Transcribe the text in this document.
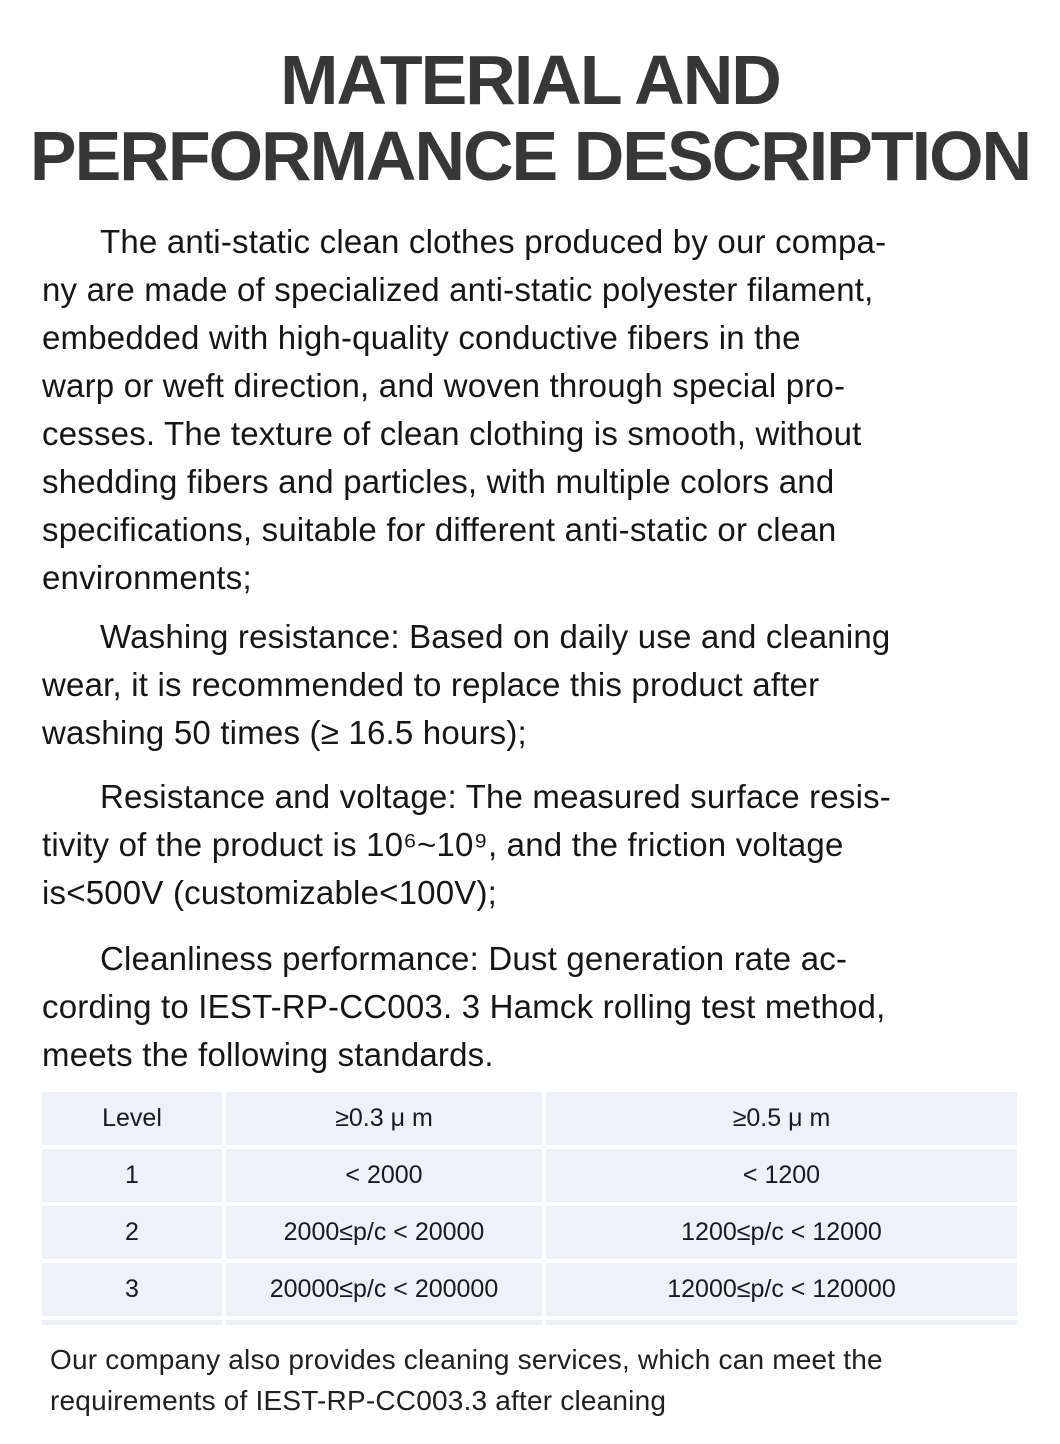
MATERIAL AND
PERFORMANCE DESCRIPTION
The anti-static clean clothes produced by our compa-
ny are made of specialized anti-static polyester filament,
embedded with high-quality conductive fibers in the
warp or weft direction, and woven through special pro-
cesses. The texture of clean clothing is smooth, without
shedding fibers and particles, with multiple colors and
specifications, suitable for different anti-static or clean
environments;
Washing resistance: Based on daily use and cleaning
wear, it is recommended to replace this product after
washing 50 times (≥ 16.5 hours);
Resistance and voltage: The measured surface resis-
tivity of the product is 10⁶~10⁹, and the friction voltage
is<500V (customizable<100V);
Cleanliness performance: Dust generation rate ac-
cording to IEST-RP-CC003. 3 Hamck rolling test method,
meets the following standards.
Level	≥0.3 μ m	≥0.5 μ m
1	< 2000	< 1200
2	2000≤p/c < 20000	1200≤p/c < 12000
3	20000≤p/c < 200000	12000≤p/c < 120000
Our company also provides cleaning services, which can meet the
requirements of IEST-RP-CC003.3 after cleaning
